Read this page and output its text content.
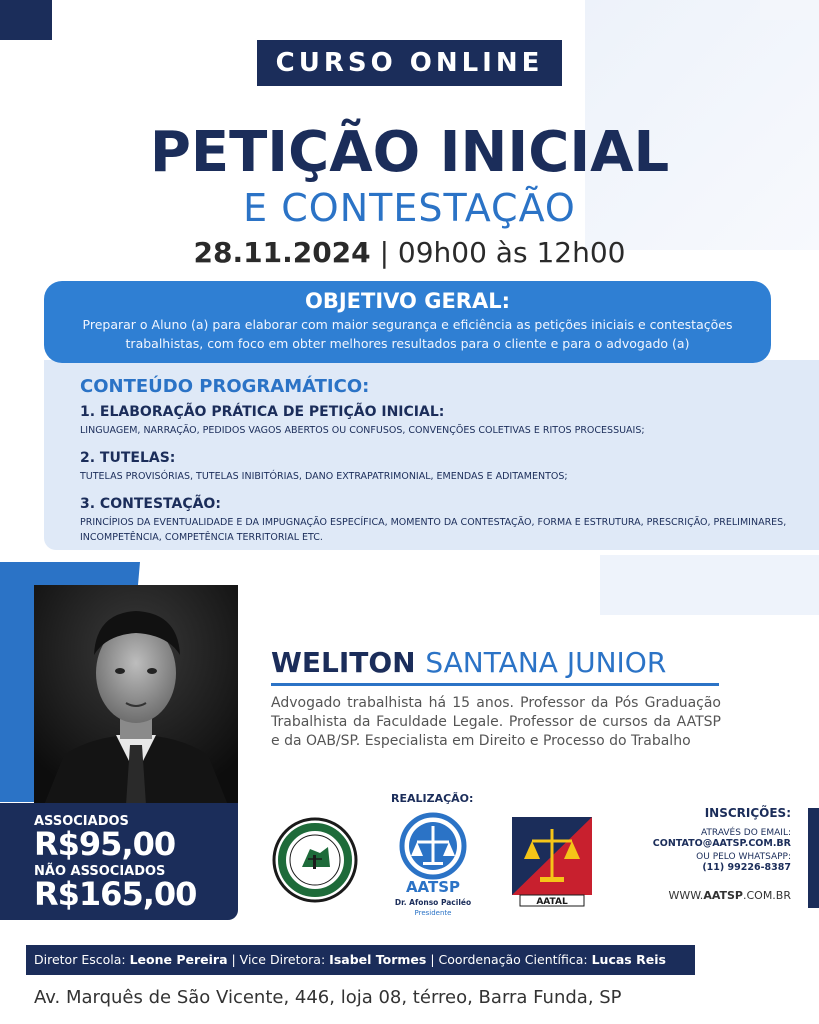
CURSO ONLINE
PETIÇÃO INICIAL
E CONTESTAÇÃO
28.11.2024 | 09h00 às 12h00
CONTEÚDO PROGRAMÁTICO:
1. ELABORAÇÃO PRÁTICA DE PETIÇÃO INICIAL:
LINGUAGEM, NARRAÇÃO, PEDIDOS VAGOS ABERTOS OU CONFUSOS, CONVENÇÕES COLETIVAS E RITOS PROCESSUAIS;
2. TUTELAS:
TUTELAS PROVISÓRIAS, TUTELAS INIBITÓRIAS, DANO EXTRAPATRIMONIAL, EMENDAS E ADITAMENTOS;
3. CONTESTAÇÃO:
PRINCÍPIOS DA EVENTUALIDADE E DA IMPUGNAÇÃO ESPECÍFICA, MOMENTO DA CONTESTAÇÃO, FORMA E ESTRUTURA, PRESCRIÇÃO, PRELIMINARES, INCOMPETÊNCIA, COMPETÊNCIA TERRITORIAL ETC.
OBJETIVO GERAL:
Preparar o Aluno (a) para elaborar com maior segurança e eficiência as petições iniciais e contestações trabalhistas, com foco em obter melhores resultados para o cliente e para o advogado (a)
ASSOCIADOS
R$95,00
NÃO ASSOCIADOS
R$165,00
WELITON SANTANA JUNIOR
Advogado trabalhista há 15 anos. Professor da Pós Graduação Trabalhista da Faculdade Legale. Professor de cursos da AATSP e da OAB/SP. Especialista em Direito e Processo do Trabalho
REALIZAÇÃO:
AATSP
Dr. Afonso Paciléo
Presidente
AATAL
INSCRIÇÕES:
ATRAVÉS DO EMAIL:
CONTATO@AATSP.COM.BR
OU PELO WHATSAPP:
(11) 99226-8387
WWW.AATSP.COM.BR
Diretor Escola: Leone Pereira | Vice Diretora: Isabel Tormes | Coordenação Científica: Lucas Reis
Av. Marquês de São Vicente, 446, loja 08, térreo, Barra Funda, SP
